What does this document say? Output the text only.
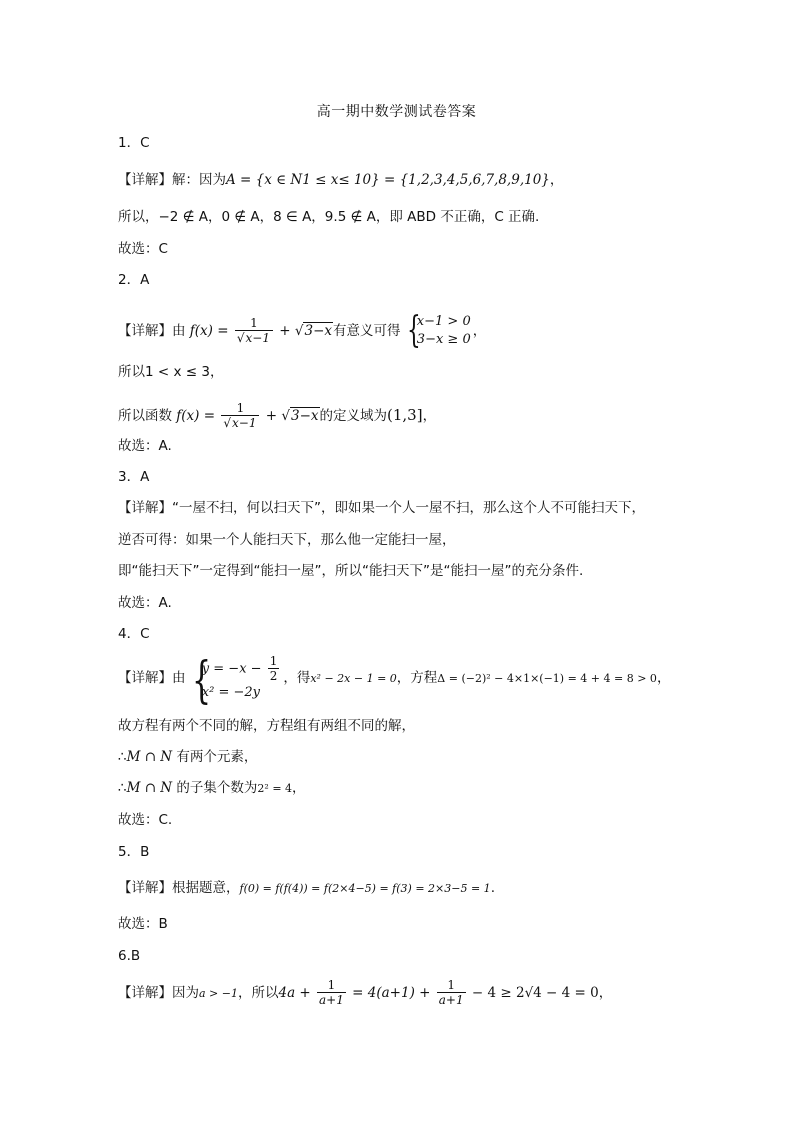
高一期中数学测试卷答案
1．C
【详解】解：因为A = {x ∈ N1 ≤ x≤ 10} = {1,2,3,4,5,6,7,8,9,10}，
所以，−2 ∉ A，0 ∉ A，8 ∈ A，9.5 ∉ A，即 ABD 不正确，C 正确.
故选：C
2．A
【详解】由 $f(x) = \frac{1}{√x-1} + √3-x$有意义可得 {
x−1 > 0
3−x ≥ 0
，
所以1 < x ≤ 3，
所以函数 $f(x) = \frac{1}{√x-1} + √3-x$的定义域为(1,3]，
故选：A.
3．A
【详解】“一屋不扫，何以扫天下”，即如果一个人一屋不扫，那么这个人不可能扫天下，
逆否可得：如果一个人能扫天下，那么他一定能扫一屋，
即“能扫天下”一定得到“能扫一屋”，所以“能扫天下”是“能扫一屋”的充分条件.
故选：A.
4．C
【详解】由 {
$y = -x - \frac{1}{2}$
x² = −2y
，得x² − 2x − 1 = 0，方程Δ = (−2)² − 4×1×(−1) = 4 + 4 = 8 > 0，
故方程有两个不同的解，方程组有两组不同的解，
∴M ∩ N 有两个元素，
∴M ∩ N 的子集个数为2² = 4，
故选：C.
5．B
【详解】根据题意，f(0) = f(f(4)) = f(2×4−5) = f(3) = 2×3−5 = 1.
故选：B
6.B
【详解】因为a > −1，所以$4a + \frac{1}{a+1} = 4(a+1) + \frac{1}{a+1} - 4 \ge 2√4 - 4 = 0$，
